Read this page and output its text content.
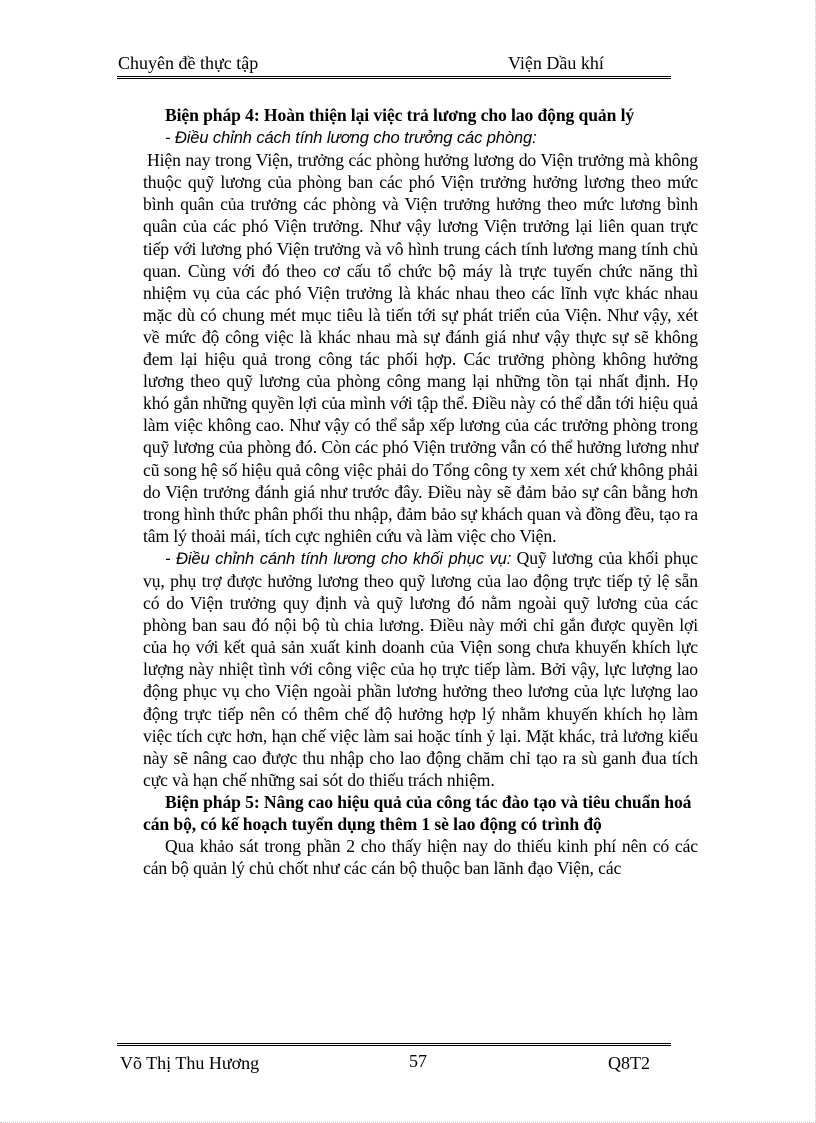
Chuyên đề thực tập	Viện Dầu khí

Biện pháp 4: Hoàn thiện lại việc trả lương cho lao động quản lý

- Điều chỉnh cách tính lương cho trưởng các phòng:

Hiện nay trong Viện, trưởng các phòng hưởng lương do Viện trưởng mà không thuộc quỹ lương của phòng ban các phó Viện trưởng hưởng lương theo mức bình quân của trưởng các phòng và Viện trưởng hưởng theo mức lương bình quân của các phó Viện trưởng. Như vậy lương Viện trưởng lại liên quan trực tiếp với lương phó Viện trưởng và vô hình trung cách tính lương mang tính chủ quan. Cùng với đó theo cơ cấu tổ chức bộ máy là trực tuyến chức năng thì nhiệm vụ của các phó Viện trưởng là khác nhau theo các lĩnh vực khác nhau mặc dù có chung mét mục tiêu là tiến tới sự phát triển của Viện. Như vậy, xét về mức độ công việc là khác nhau mà sự đánh giá như vậy thực sự sẽ không đem lại hiệu quả trong công tác phối hợp. Các trưởng phòng không hưởng lương theo quỹ lương của phòng công mang lại những tồn tại nhất định. Họ khó gắn những quyền lợi của mình với tập thể. Điều này có thể dẫn tới hiệu quả làm việc không cao. Như vậy có thể sắp xếp lương của các trưởng phòng trong quỹ lương của phòng đó. Còn các phó Viện trưởng vẫn có thể hưởng lương như cũ song hệ số hiệu quả công việc phải do Tổng công ty xem xét chứ không phải do Viện trưởng đánh giá như trước đây. Điều này sẽ đảm bảo sự cân bằng hơn trong hình thức phân phối thu nhập, đảm bảo sự khách quan và đồng đều, tạo ra tâm lý thoải mái, tích cực nghiên cứu và làm việc cho Viện.

- Điều chỉnh cánh tính lương cho khối phục vụ: Quỹ lương của khối phục vụ, phụ trợ được hưởng lương theo quỹ lương của lao động trực tiếp tỷ lệ sẵn có do Viện trưởng quy định và quỹ lương đó nằm ngoài quỹ lương của các phòng ban sau đó nội bộ tù chia lương. Điều này mới chỉ gắn được quyền lợi của họ với kết quả sản xuất kinh doanh của Viện song chưa khuyến khích lực lượng này nhiệt tình với công việc của họ trực tiếp làm. Bởi vậy, lực lượng lao động phục vụ cho Viện ngoài phần lương hưởng theo lương của lực lượng lao động trực tiếp nên có thêm chế độ hưởng hợp lý nhằm khuyến khích họ làm việc tích cực hơn, hạn chế việc làm sai hoặc tính ỷ lại. Mặt khác, trả lương kiểu này sẽ nâng cao được thu nhập cho lao động chăm chỉ tạo ra sù ganh đua tích cực và hạn chế những sai sót do thiếu trách nhiệm.

Biện pháp 5: Nâng cao hiệu quả của công tác đào tạo và tiêu chuẩn hoá cán bộ, có kế hoạch tuyển dụng thêm 1 sè lao động có trình độ

Qua khảo sát trong phần 2 cho thấy hiện nay do thiếu kinh phí nên có các cán bộ quản lý chủ chốt như các cán bộ thuộc ban lãnh đạo Viện, các

Võ Thị Thu Hương	57	Q8T2
